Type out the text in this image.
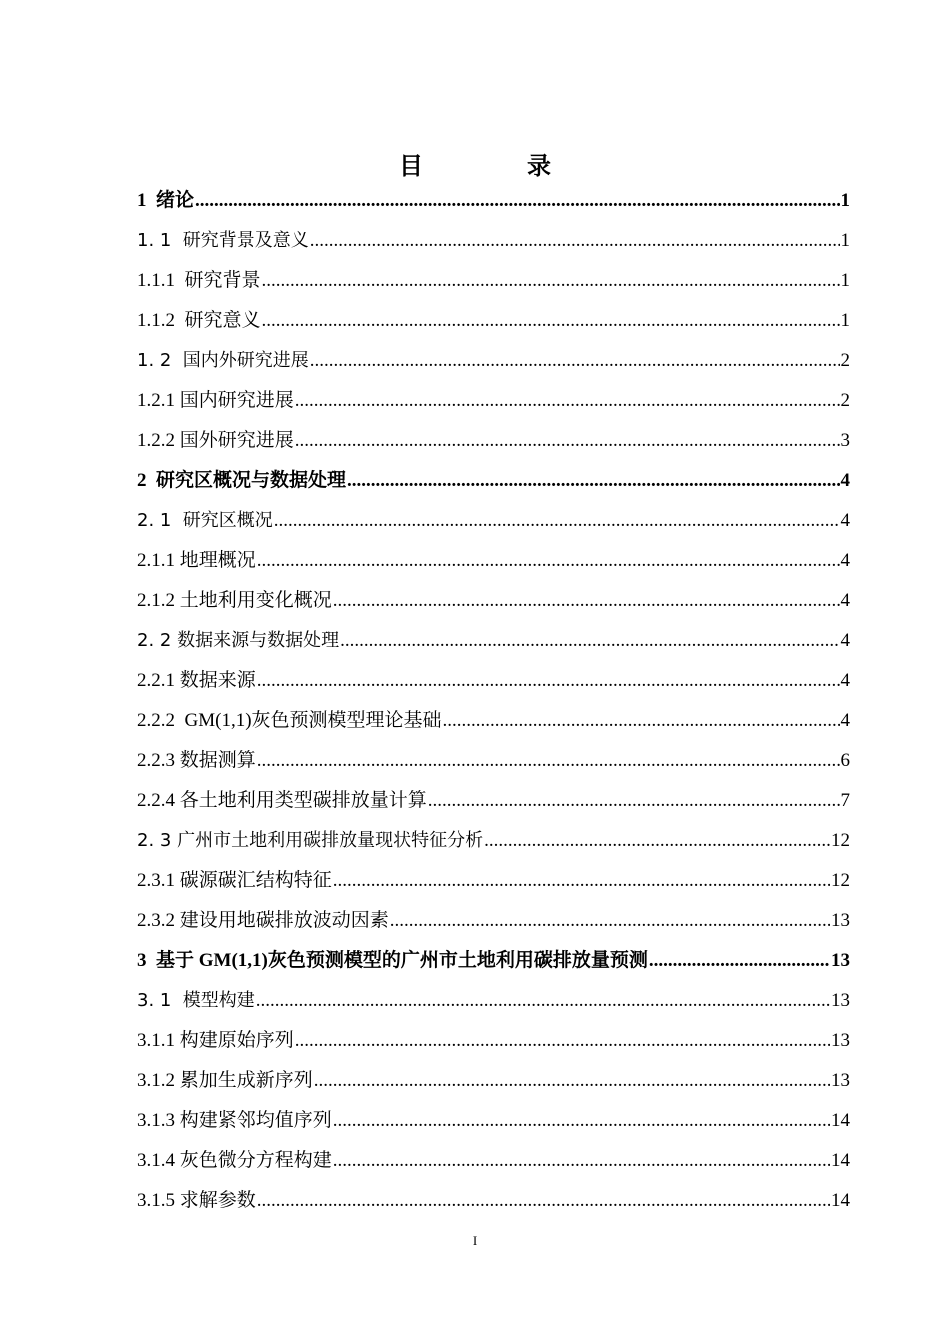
目　录
1  绪论 .....	1
1. 1  研究背景及意义 .....	1
1.1.1  研究背景 .....	1
1.1.2  研究意义 .....	1
1. 2  国内外研究进展 .....	2
1.2.1 国内研究进展 .....	2
1.2.2 国外研究进展 .....	3
2  研究区概况与数据处理 .....	4
2. 1  研究区概况 .....	4
2.1.1 地理概况 .....	4
2.1.2 土地利用变化概况 .....	4
2. 2 数据来源与数据处理 .....	4
2.2.1 数据来源 .....	4
2.2.2  GM(1,1)灰色预测模型理论基础 .....	4
2.2.3 数据测算 .....	6
2.2.4 各土地利用类型碳排放量计算 .....	7
2. 3 广州市土地利用碳排放量现状特征分析 .....	12
2.3.1 碳源碳汇结构特征 .....	12
2.3.2 建设用地碳排放波动因素 .....	13
3  基于 GM(1,1)灰色预测模型的广州市土地利用碳排放量预测 .....	13
3. 1  模型构建 .....	13
3.1.1 构建原始序列 .....	13
3.1.2 累加生成新序列 .....	13
3.1.3 构建紧邻均值序列 .....	14
3.1.4 灰色微分方程构建 .....	14
3.1.5 求解参数 .....	14
I
